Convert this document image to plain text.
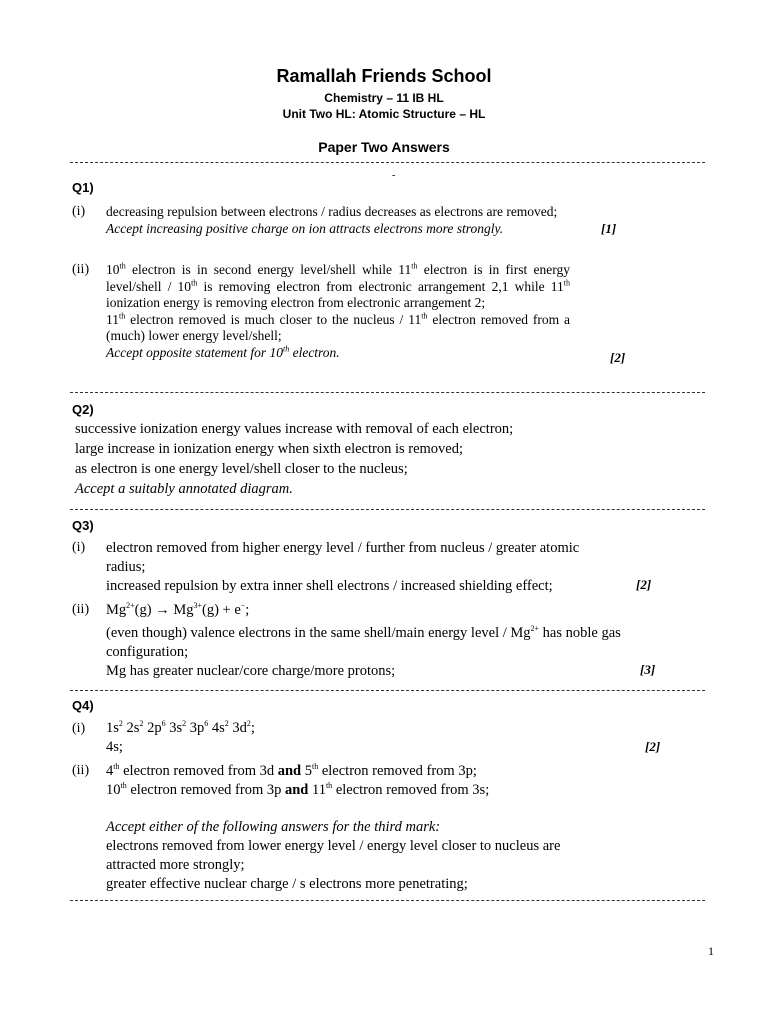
Ramallah Friends School
Chemistry – 11 IB HL
Unit Two HL: Atomic Structure – HL
Paper Two Answers
-
Q1)
(i) decreasing repulsion between electrons / radius decreases as electrons are removed;

Accept increasing positive charge on ion attracts electrons more strongly.	[1]
(ii) 10th electron is in second energy level/shell while 11th electron is in first energy level/shell / 10th is removing electron from electronic arrangement 2,1 while 11th ionization energy is removing electron from electronic arrangement 2;

11th electron removed is much closer to the nucleus / 11th electron removed from a (much) lower energy level/shell;

Accept opposite statement for 10th electron.	[2]
Q2)

successive ionization energy values increase with removal of each electron;

large increase in ionization energy when sixth electron is removed;

as electron is one energy level/shell closer to the nucleus;

Accept a suitably annotated diagram.

Q3)
(i) electron removed from higher energy level / further from nucleus / greater atomic radius;

increased repulsion by extra inner shell electrons / increased shielding effect;	[2]
(ii) $Mg^{2+}(g) \to Mg^{3+}(g) + e^-$;

(even though) valence electrons in the same shell/main energy level / $Mg^{2+}$ has noble gas configuration;

Mg has greater nuclear/core charge/more protons;	[3]
Q4)
(i) $1s^2$ $2s^2$ $2p^6$ $3s^2$ $3p^6$ $4s^2$ $3d^2$;

4s;	[2]
(ii) 4th electron removed from 3d and 5th electron removed from 3p;

10th electron removed from 3p and 11th electron removed from 3s;

Accept either of the following answers for the third mark:

electrons removed from lower energy level / energy level closer to nucleus are attracted more strongly;

greater effective nuclear charge / s electrons more penetrating;

1
